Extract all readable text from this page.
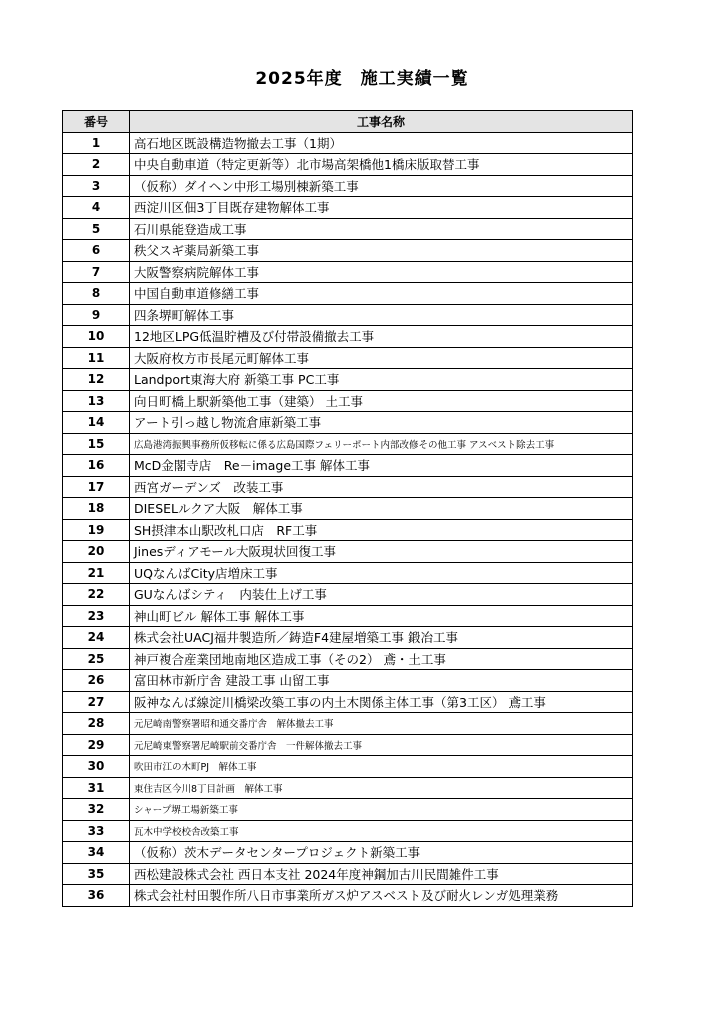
2025年度　施工実績一覧
番号	工事名称
1	高石地区既設構造物撤去工事（1期）
2	中央自動車道（特定更新等）北市場高架橋他1橋床版取替工事
3	（仮称）ダイヘン中形工場別棟新築工事
4	西淀川区佃3丁目既存建物解体工事
5	石川県能登造成工事
6	秩父スギ薬局新築工事
7	大阪警察病院解体工事
8	中国自動車道修繕工事
9	四条堺町解体工事
10	12地区LPG低温貯槽及び付帯設備撤去工事
11	大阪府枚方市長尾元町解体工事
12	Landport東海大府 新築工事 PC工事
13	向日町橋上駅新築他工事（建築） 土工事
14	アート引っ越し物流倉庫新築工事
15	広島港湾振興事務所仮移転に係る広島国際フェリーポート内部改修その他工事 アスベスト除去工事
16	McD金閣寺店　Re－image工事 解体工事
17	西宮ガーデンズ　改装工事
18	DIESELルクア大阪　解体工事
19	SH摂津本山駅改札口店　RF工事
20	Jinesディアモール大阪現状回復工事
21	UQなんばCity店増床工事
22	GUなんばシティ　内装仕上げ工事
23	神山町ビル 解体工事 解体工事
24	株式会社UACJ福井製造所／鋳造F4建屋増築工事 鍛冶工事
25	神戸複合産業団地南地区造成工事（その2） 鳶・土工事
26	富田林市新庁舎 建設工事 山留工事
27	阪神なんば線淀川橋梁改築工事の内土木関係主体工事（第3工区） 鳶工事
28	元尼崎南警察署昭和通交番庁舎　解体撤去工事
29	元尼崎東警察署尼崎駅前交番庁舎　一件解体撤去工事
30	吹田市江の木町PJ　解体工事
31	東住吉区今川8丁目計画　解体工事
32	シャープ堺工場新築工事
33	瓦木中学校校舎改築工事
34	（仮称）茨木データセンタープロジェクト新築工事
35	西松建設株式会社 西日本支社 2024年度神鋼加古川民間雑件工事
36	株式会社村田製作所八日市事業所ガス炉アスベスト及び耐火レンガ処理業務
